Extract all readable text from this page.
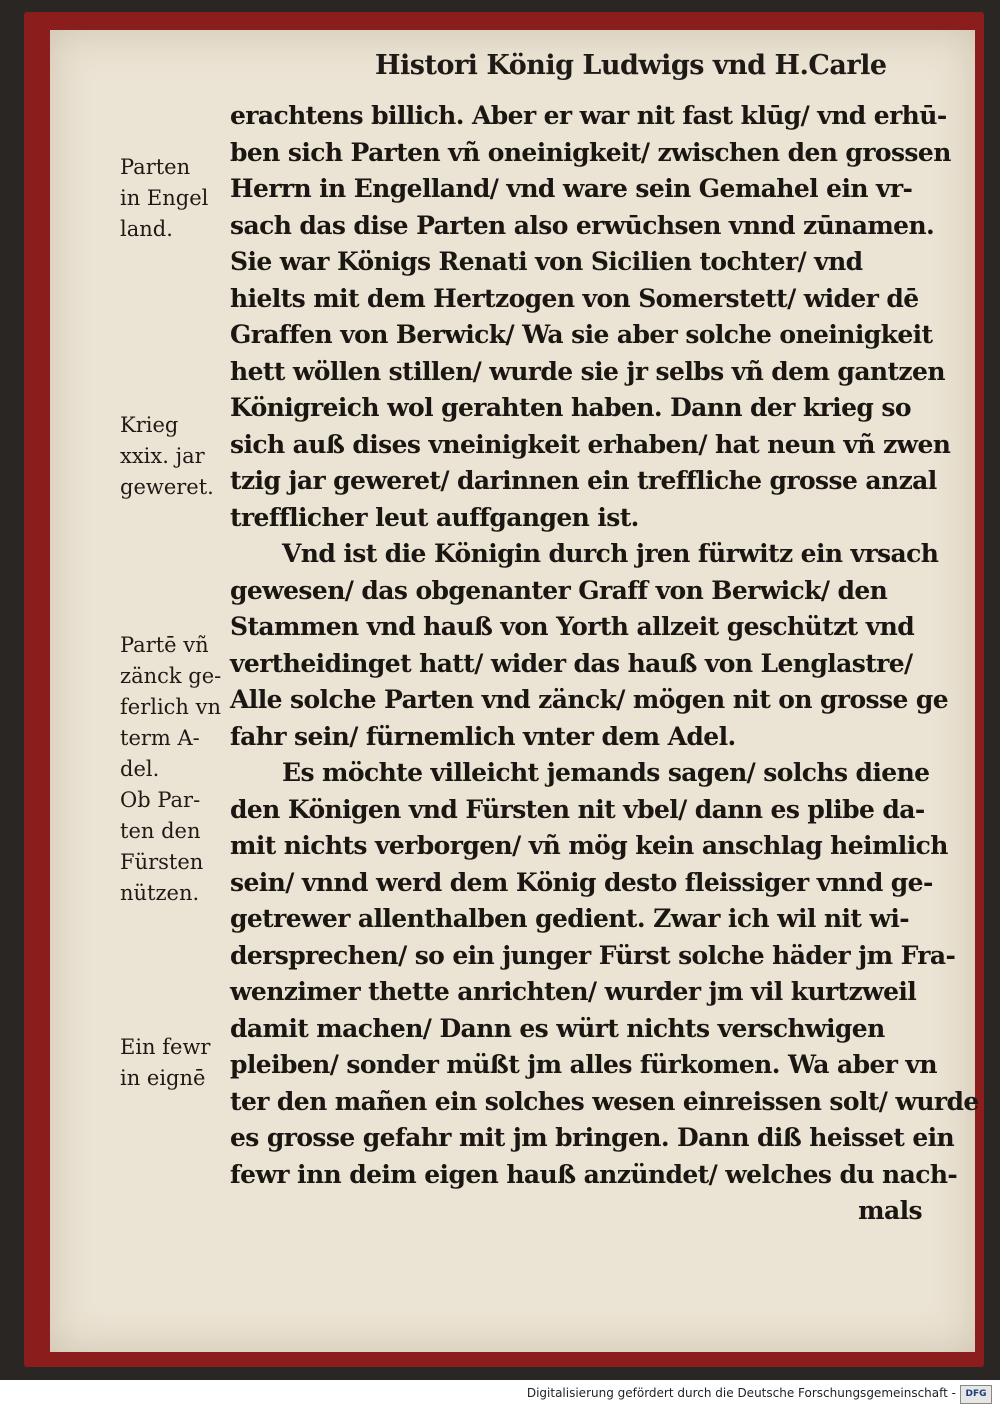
Histori König Ludwigs vnd H.Carle
Parten
in Engel
land.
Krieg
xxix. jar
geweret.
Partē vñ
zänck ge-
ferlich vn
term A-
del.
Ob Par-
ten den
Fürsten
nützen.
Ein fewr
in eignē
erachtens billich. Aber er war nit fast klūg/ vnd erhū-
ben sich Parten vñ oneinigkeit/ zwischen den grossen
Herrn in Engelland/ vnd ware sein Gemahel ein vr-
sach das dise Parten also erwūchsen vnnd zūnamen.
Sie war Königs Renati von Sicilien tochter/ vnd
hielts mit dem Hertzogen von Somerstett/ wider dē
Graffen von Berwick/ Wa sie aber solche oneinigkeit
hett wöllen stillen/ wurde sie jr selbs vñ dem gantzen
Königreich wol gerahten haben. Dann der krieg so
sich auß dises vneinigkeit erhaben/ hat neun vñ zwen
tzig jar geweret/ darinnen ein treffliche grosse anzal
trefflicher leut auffgangen ist.
Vnd ist die Königin durch jren fürwitz ein vrsach
gewesen/ das obgenanter Graff von Berwick/ den
Stammen vnd hauß von Yorth allzeit geschützt vnd
vertheidinget hatt/ wider das hauß von Lenglastre/
Alle solche Parten vnd zänck/ mögen nit on grosse ge
fahr sein/ fürnemlich vnter dem Adel.
Es möchte villeicht jemands sagen/ solchs diene
den Königen vnd Fürsten nit vbel/ dann es plibe da-
mit nichts verborgen/ vñ mög kein anschlag heimlich
sein/ vnnd werd dem König desto fleissiger vnnd ge-
getrewer allenthalben gedient. Zwar ich wil nit wi-
dersprechen/ so ein junger Fürst solche häder jm Fra-
wenzimer thette anrichten/ wurder jm vil kurtzweil
damit machen/ Dann es würt nichts verschwigen
pleiben/ sonder müßt jm alles fürkomen. Wa aber vn
ter den mañen ein solches wesen einreissen solt/ wurde
es grosse gefahr mit jm bringen. Dann diß heisset ein
fewr inn deim eigen hauß anzündet/ welches du nach-
mals
Digitalisierung gefördert durch die Deutsche Forschungsgemeinschaft -	DFG
